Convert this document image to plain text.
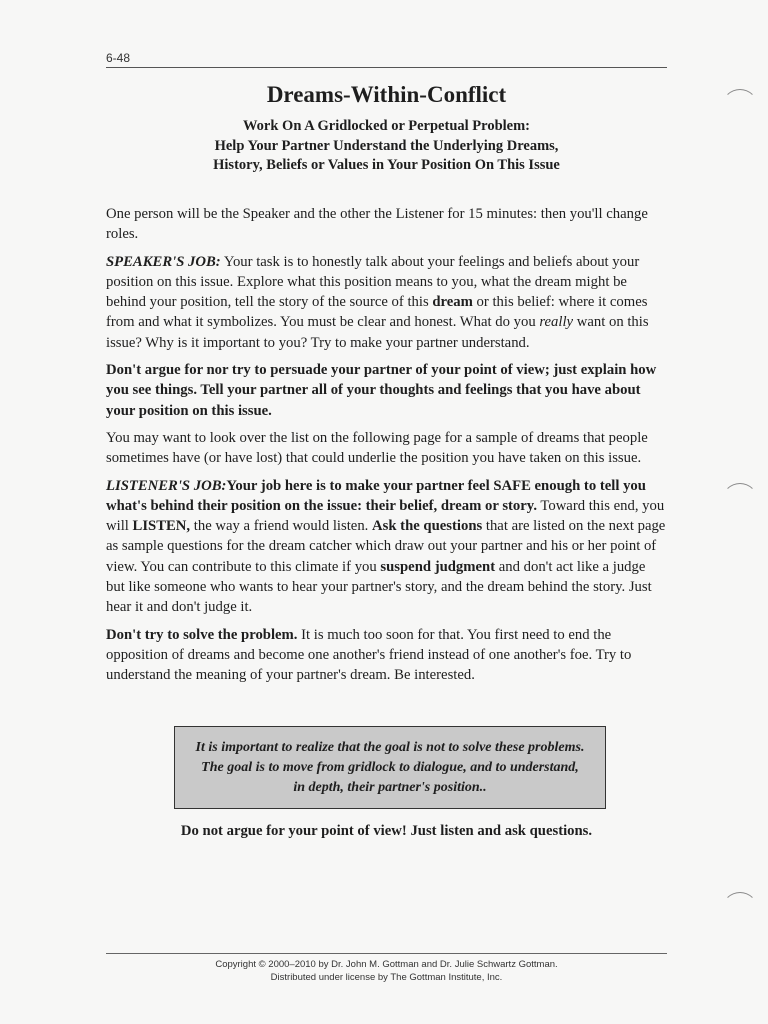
6-48
Dreams-Within-Conflict
Work On A Gridlocked or Perpetual Problem:
Help Your Partner Understand the Underlying Dreams,
History, Beliefs or Values in Your Position On This Issue

One person will be the Speaker and the other the Listener for 15 minutes: then you'll change roles.

SPEAKER'S JOB: Your task is to honestly talk about your feelings and beliefs about your position on this issue. Explore what this position means to you, what the dream might be behind your position, tell the story of the source of this dream or this belief: where it comes from and what it symbolizes. You must be clear and honest. What do you really want on this issue? Why is it important to you? Try to make your partner understand.

Don't argue for nor try to persuade your partner of your point of view; just explain how you see things. Tell your partner all of your thoughts and feelings that you have about your position on this issue.

You may want to look over the list on the following page for a sample of dreams that people sometimes have (or have lost) that could underlie the position you have taken on this issue.

LISTENER'S JOB:Your job here is to make your partner feel SAFE enough to tell you what's behind their position on the issue: their belief, dream or story. Toward this end, you will LISTEN, the way a friend would listen. Ask the questions that are listed on the next page as sample questions for the dream catcher which draw out your partner and his or her point of view. You can contribute to this climate if you suspend judgment and don't act like a judge but like someone who wants to hear your partner's story, and the dream behind the story. Just hear it and don't judge it.

Don't try to solve the problem. It is much too soon for that. You first need to end the opposition of dreams and become one another's friend instead of one another's foe. Try to understand the meaning of your partner's dream. Be interested.

It is important to realize that the goal is not to solve these problems.
The goal is to move from gridlock to dialogue, and to understand,
in depth, their partner's position..
Do not argue for your point of view! Just listen and ask questions.
Copyright © 2000–2010 by Dr. John M. Gottman and Dr. Julie Schwartz Gottman.
Distributed under license by The Gottman Institute, Inc.
